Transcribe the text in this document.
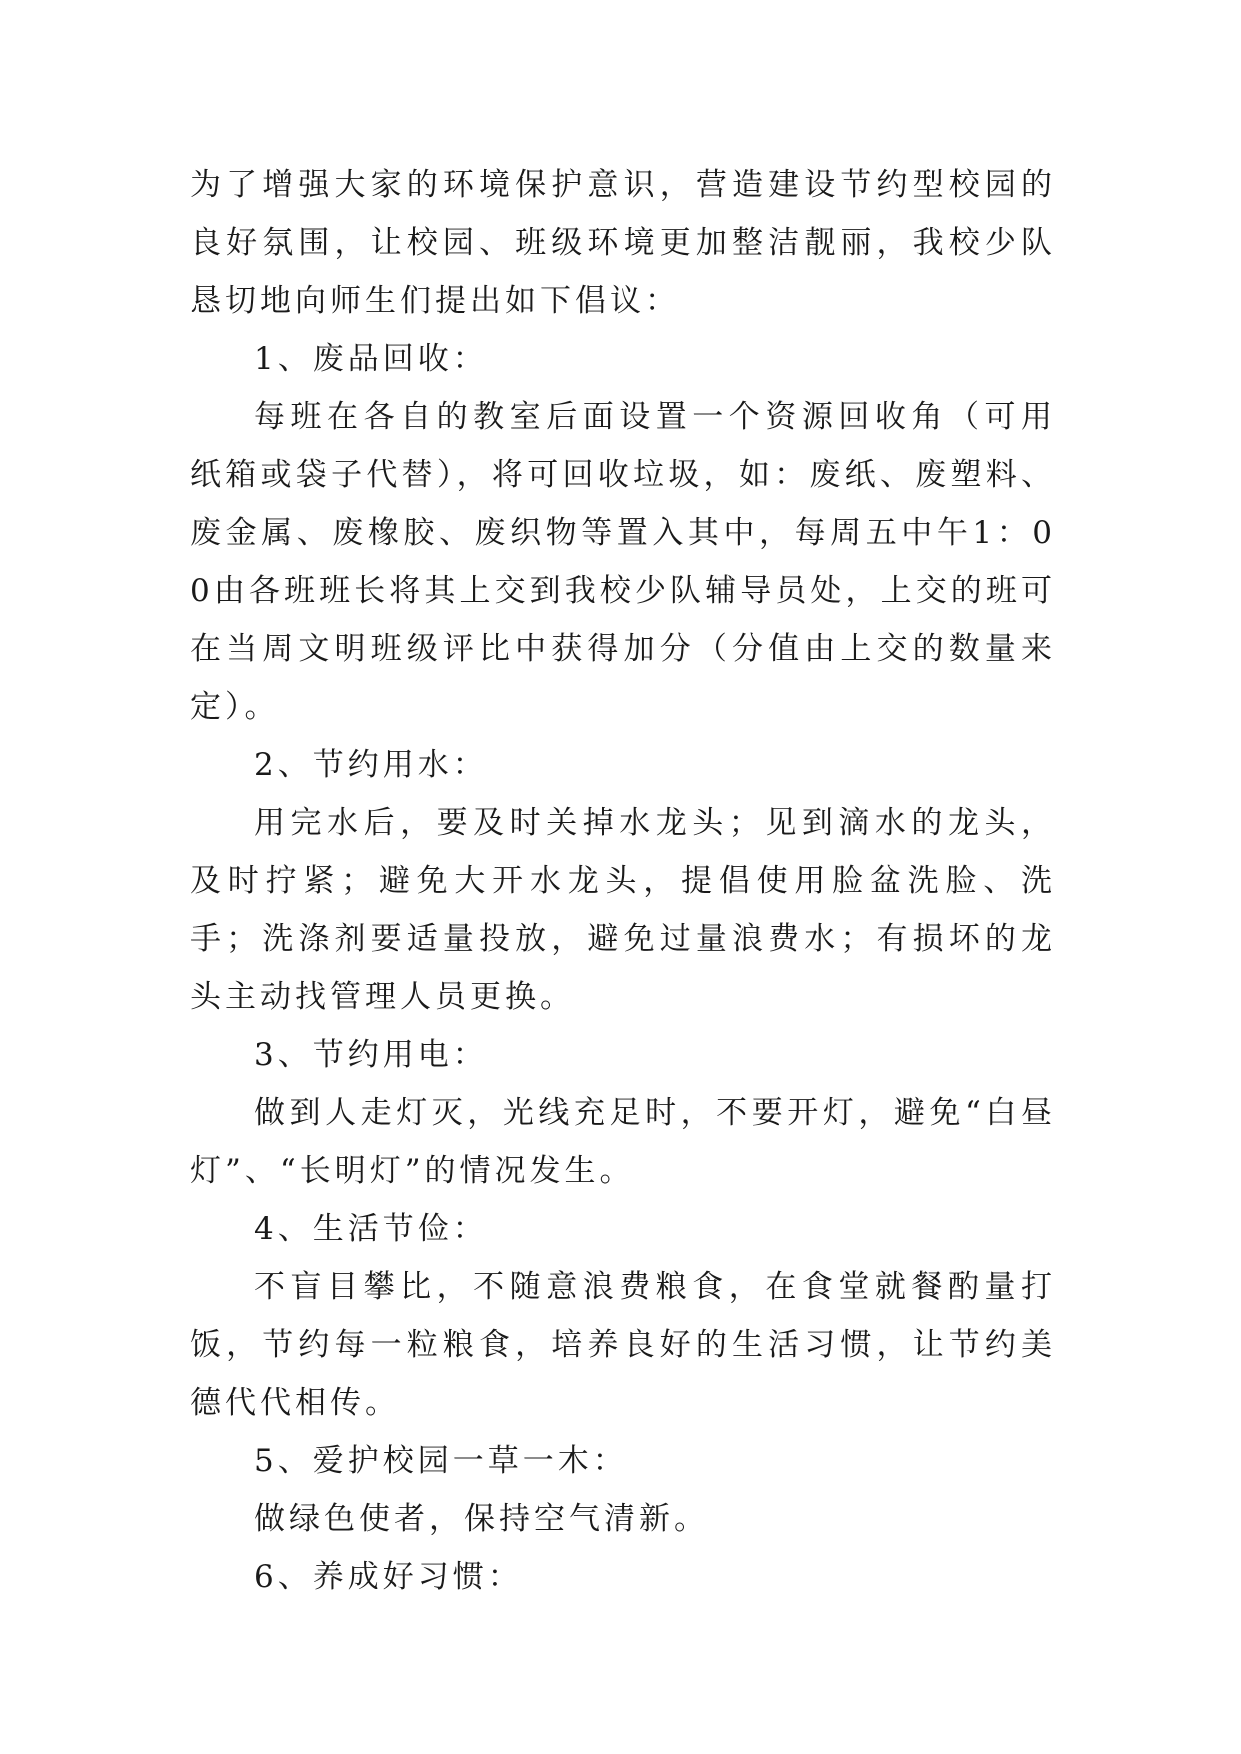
为了增强大家的环境保护意识，营造建设节约型校园的良好氛围，让校园、班级环境更加整洁靓丽，我校少队恳切地向师生们提出如下倡议：

1、废品回收：

每班在各自的教室后面设置一个资源回收角（可用纸箱或袋子代替），将可回收垃圾，如：废纸、废塑料、废金属、废橡胶、废织物等置入其中，每周五中午1：00由各班班长将其上交到我校少队辅导员处，上交的班可在当周文明班级评比中获得加分（分值由上交的数量来定）。

2、节约用水：

用完水后，要及时关掉水龙头；见到滴水的龙头，及时拧紧；避免大开水龙头，提倡使用脸盆洗脸、洗手；洗涤剂要适量投放，避免过量浪费水；有损坏的龙头主动找管理人员更换。

3、节约用电：

做到人走灯灭，光线充足时，不要开灯，避免“白昼灯”、“长明灯”的情况发生。

4、生活节俭：

不盲目攀比，不随意浪费粮食，在食堂就餐酌量打饭，节约每一粒粮食，培养良好的生活习惯，让节约美德代代相传。

5、爱护校园一草一木：

做绿色使者，保持空气清新。

6、养成好习惯：
